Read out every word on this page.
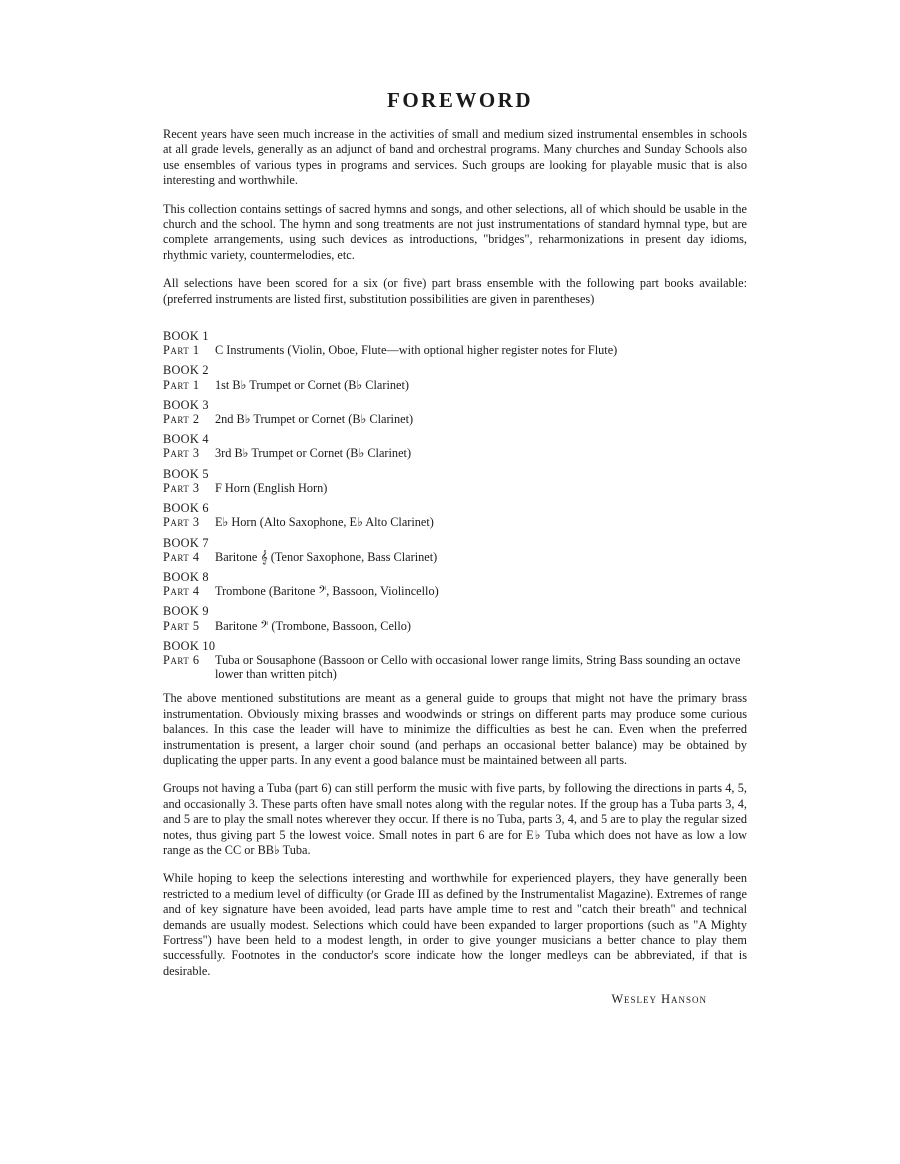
FOREWORD

Recent years have seen much increase in the activities of small and medium sized instrumental ensembles in schools at all grade levels, generally as an adjunct of band and orchestral programs. Many churches and Sunday Schools also use ensembles of various types in programs and services. Such groups are looking for playable music that is also interesting and worthwhile.

This collection contains settings of sacred hymns and songs, and other selections, all of which should be usable in the church and the school. The hymn and song treatments are not just instrumentations of standard hymnal type, but are complete arrangements, using such devices as introductions, "bridges", reharmonizations in present day idioms, rhythmic variety, countermelodies, etc.

All selections have been scored for a six (or five) part brass ensemble with the following part books available: (preferred instruments are listed first, substitution possibilities are given in parentheses)

BOOK 1
Part 1	C Instruments (Violin, Oboe, Flute—with optional higher register notes for Flute)
BOOK 2
Part 1	1st B♭ Trumpet or Cornet (B♭ Clarinet)
BOOK 3
Part 2	2nd B♭ Trumpet or Cornet (B♭ Clarinet)
BOOK 4
Part 3	3rd B♭ Trumpet or Cornet (B♭ Clarinet)
BOOK 5
Part 3	F Horn (English Horn)
BOOK 6
Part 3	E♭ Horn (Alto Saxophone, E♭ Alto Clarinet)
BOOK 7
Part 4	Baritone 𝄞 (Tenor Saxophone, Bass Clarinet)
BOOK 8
Part 4	Trombone (Baritone 𝄢, Bassoon, Violincello)
BOOK 9
Part 5	Baritone 𝄢 (Trombone, Bassoon, Cello)
BOOK 10
Part 6	Tuba or Sousaphone (Bassoon or Cello with occasional lower range limits, String Bass sounding an octave lower than written pitch)

The above mentioned substitutions are meant as a general guide to groups that might not have the primary brass instrumentation. Obviously mixing brasses and woodwinds or strings on different parts may produce some curious balances. In this case the leader will have to minimize the difficulties as best he can. Even when the preferred instrumentation is present, a larger choir sound (and perhaps an occasional better balance) may be obtained by duplicating the upper parts. In any event a good balance must be maintained between all parts.

Groups not having a Tuba (part 6) can still perform the music with five parts, by following the directions in parts 4, 5, and occasionally 3. These parts often have small notes along with the regular notes. If the group has a Tuba parts 3, 4, and 5 are to play the small notes wherever they occur. If there is no Tuba, parts 3, 4, and 5 are to play the regular sized notes, thus giving part 5 the lowest voice. Small notes in part 6 are for E♭ Tuba which does not have as low a low range as the CC or BB♭ Tuba.

While hoping to keep the selections interesting and worthwhile for experienced players, they have generally been restricted to a medium level of difficulty (or Grade III as defined by the Instrumentalist Magazine). Extremes of range and of key signature have been avoided, lead parts have ample time to rest and "catch their breath" and technical demands are usually modest. Selections which could have been expanded to larger proportions (such as "A Mighty Fortress") have been held to a modest length, in order to give younger musicians a better chance to play them successfully. Footnotes in the conductor's score indicate how the longer medleys can be abbreviated, if that is desirable.

Wesley Hanson
